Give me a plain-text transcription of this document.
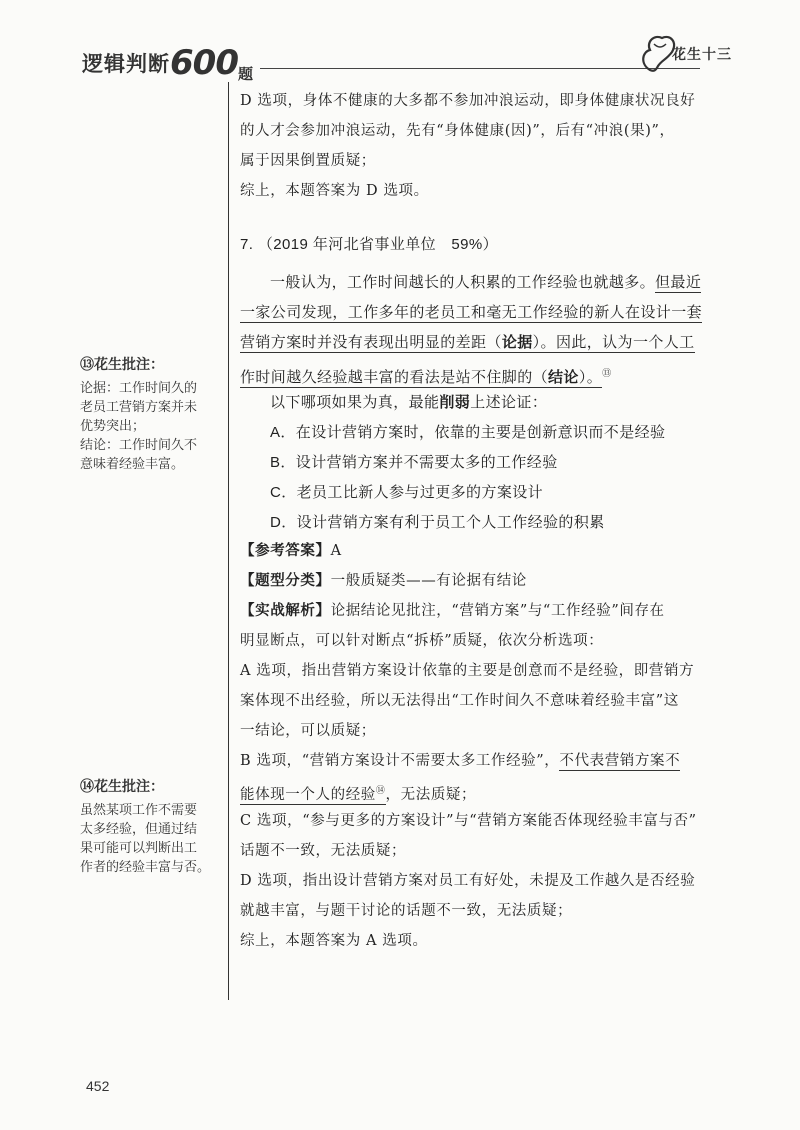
逻辑判断$600_题$
花生十三
D 选项，身体不健康的大多都不参加冲浪运动，即身体健康状况良好
的人才会参加冲浪运动，先有“身体健康(因)”，后有“冲浪(果)”，
属于因果倒置质疑；
综上，本题答案为 D 选项。
7. （2019 年河北省事业单位　59%）
一般认为，工作时间越长的人积累的工作经验也就越多。但最近
一家公司发现，工作多年的老员工和毫无工作经验的新人在设计一套
营销方案时并没有表现出明显的差距（论据）。因此，认为一个人工
作时间越久经验越丰富的看法是站不住脚的（结论）。⑬
以下哪项如果为真，最能削弱上述论证：
A．在设计营销方案时，依靠的主要是创新意识而不是经验
B．设计营销方案并不需要太多的工作经验
C．老员工比新人参与过更多的方案设计
D．设计营销方案有利于员工个人工作经验的积累
【参考答案】A
【题型分类】一般质疑类——有论据有结论
【实战解析】论据结论见批注，“营销方案”与“工作经验”间存在
明显断点，可以针对断点“拆桥”质疑，依次分析选项：
A 选项，指出营销方案设计依靠的主要是创意而不是经验，即营销方
案体现不出经验，所以无法得出“工作时间久不意味着经验丰富”这
一结论，可以质疑；
B 选项，“营销方案设计不需要太多工作经验”，不代表营销方案不
能体现一个人的经验⑭，无法质疑；
C 选项，“参与更多的方案设计”与“营销方案能否体现经验丰富与否”
话题不一致，无法质疑；
D 选项，指出设计营销方案对员工有好处，未提及工作越久是否经验
就越丰富，与题干讨论的话题不一致，无法质疑；
综上，本题答案为 A 选项。
⑬花生批注：
论据：工作时间久的
老员工营销方案并未
优势突出；
结论：工作时间久不
意味着经验丰富。
⑭花生批注：
虽然某项工作不需要
太多经验，但通过结
果可能可以判断出工
作者的经验丰富与否。
452
